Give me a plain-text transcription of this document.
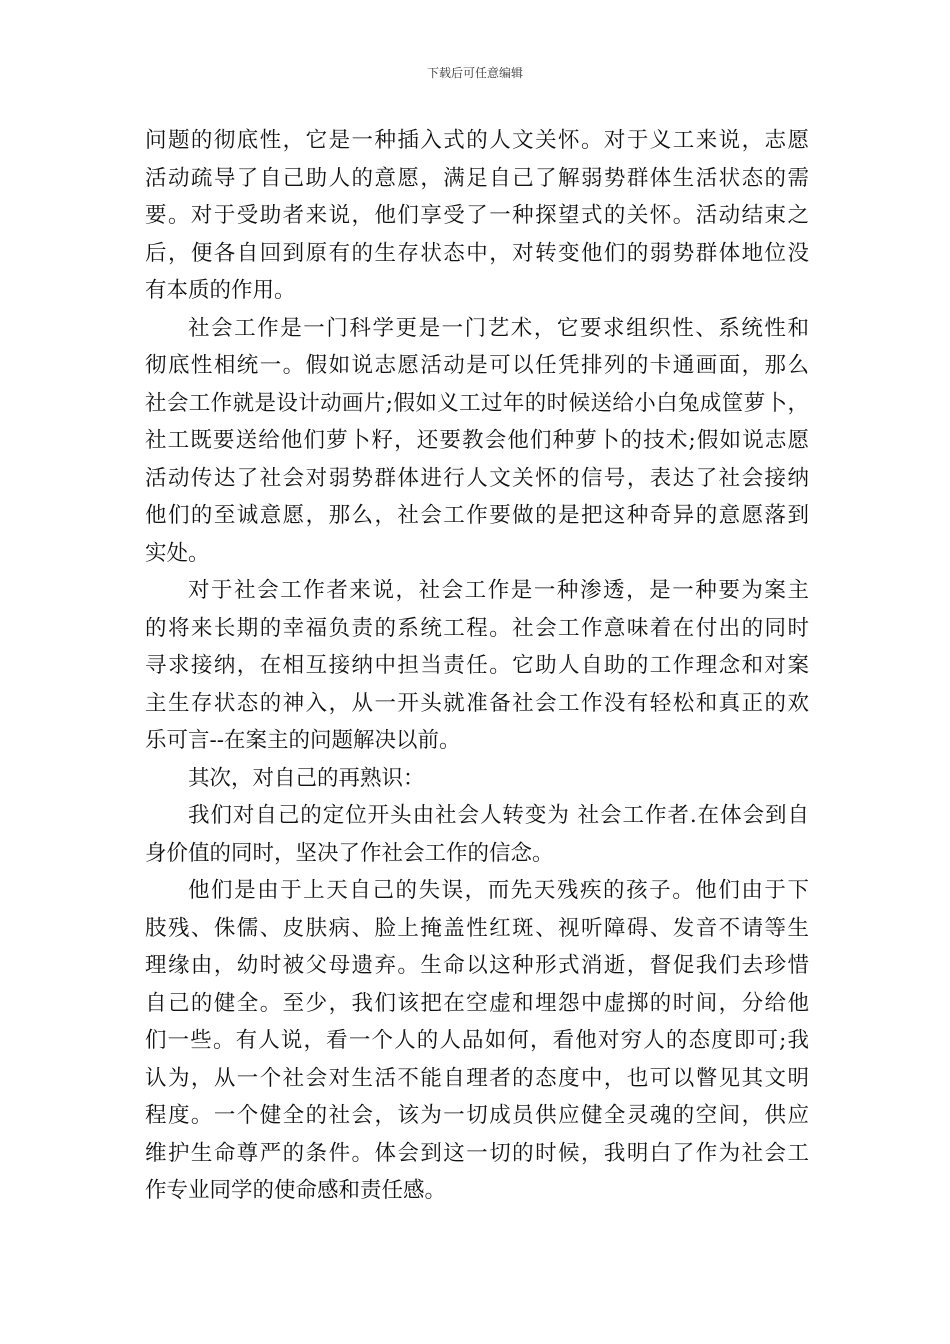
下载后可任意编辑
问题的彻底性，它是一种插入式的人文关怀。对于义工来说，志愿
活动疏导了自己助人的意愿，满足自己了解弱势群体生活状态的需
要。对于受助者来说，他们享受了一种探望式的关怀。活动结束之
后，便各自回到原有的生存状态中，对转变他们的弱势群体地位没
有本质的作用。
社会工作是一门科学更是一门艺术，它要求组织性、系统性和
彻底性相统一。假如说志愿活动是可以任凭排列的卡通画面，那么
社会工作就是设计动画片;假如义工过年的时候送给小白兔成筐萝卜，
社工既要送给他们萝卜籽，还要教会他们种萝卜的技术;假如说志愿
活动传达了社会对弱势群体进行人文关怀的信号，表达了社会接纳
他们的至诚意愿，那么，社会工作要做的是把这种奇异的意愿落到
实处。
对于社会工作者来说，社会工作是一种渗透，是一种要为案主
的将来长期的幸福负责的系统工程。社会工作意味着在付出的同时
寻求接纳，在相互接纳中担当责任。它助人自助的工作理念和对案
主生存状态的神入，从一开头就准备社会工作没有轻松和真正的欢
乐可言--在案主的问题解决以前。
其次，对自己的再熟识：
我们对自己的定位开头由社会人转变为 社会工作者.在体会到自
身价值的同时，坚决了作社会工作的信念。
他们是由于上天自己的失误，而先天残疾的孩子。他们由于下
肢残、侏儒、皮肤病、脸上掩盖性红斑、视听障碍、发音不请等生
理缘由，幼时被父母遗弃。生命以这种形式消逝，督促我们去珍惜
自己的健全。至少，我们该把在空虚和埋怨中虚掷的时间，分给他
们一些。有人说，看一个人的人品如何，看他对穷人的态度即可;我
认为，从一个社会对生活不能自理者的态度中，也可以瞥见其文明
程度。一个健全的社会，该为一切成员供应健全灵魂的空间，供应
维护生命尊严的条件。体会到这一切的时候，我明白了作为社会工
作专业同学的使命感和责任感。
